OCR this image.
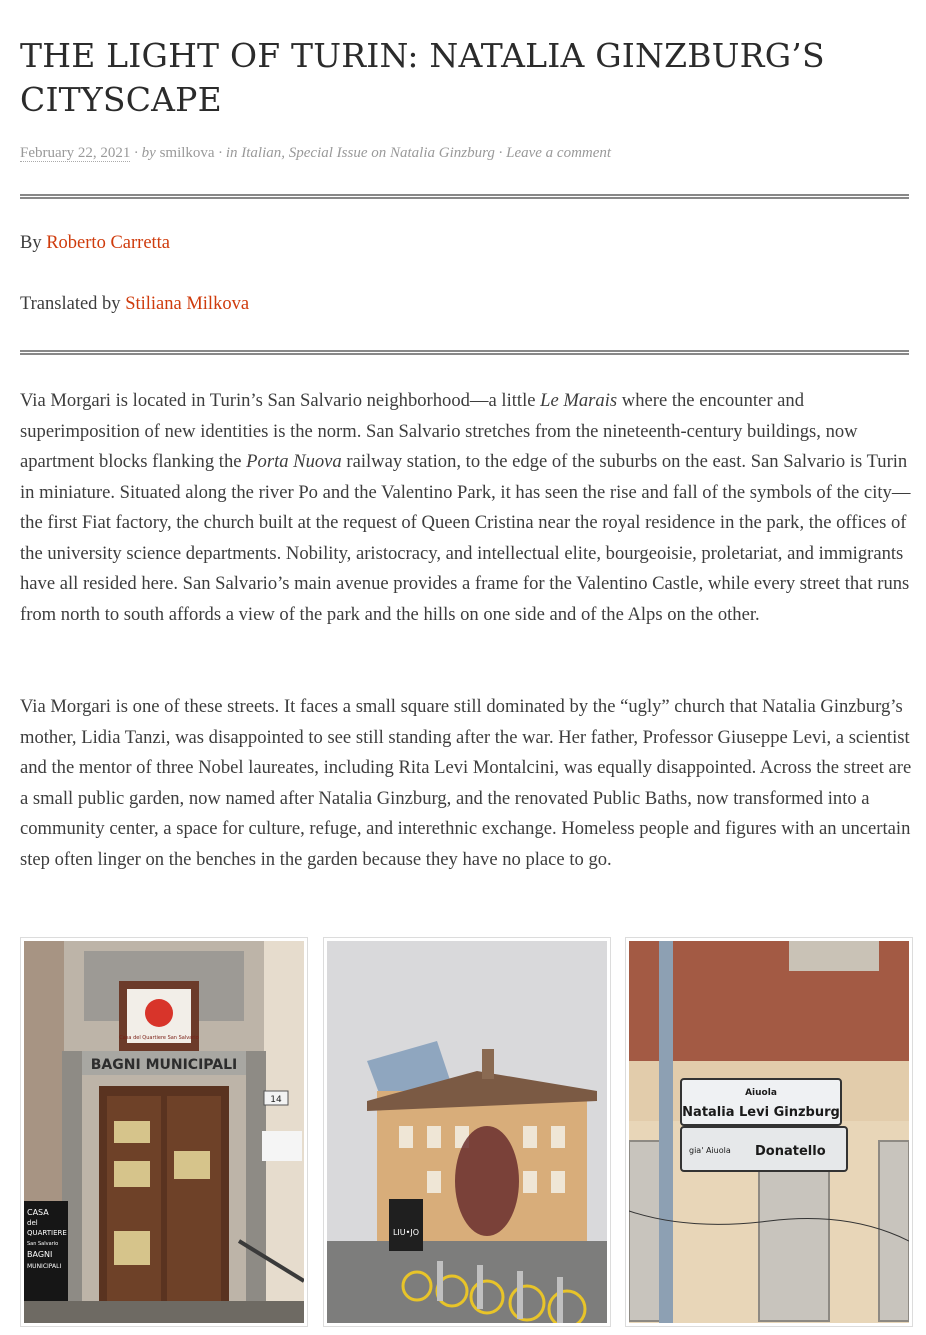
THE LIGHT OF TURIN: NATALIA GINZBURG’S CITYSCAPE
February 22, 2021 · by smilkova · in Italian, Special Issue on Natalia Ginzburg · Leave a comment

By Roberto Carretta

Translated by Stiliana Milkova

Via Morgari is located in Turin’s San Salvario neighborhood—a little Le Marais where the encounter and superimposition of new identities is the norm. San Salvario stretches from the nineteenth-century buildings, now apartment blocks flanking the Porta Nuova railway station, to the edge of the suburbs on the east. San Salvario is Turin in miniature. Situated along the river Po and the Valentino Park, it has seen the rise and fall of the symbols of the city—the first Fiat factory, the church built at the request of Queen Cristina near the royal residence in the park, the offices of the university science departments. Nobility, aristocracy, and intellectual elite, bourgeoisie, proletariat, and immigrants have all resided here. San Salvario’s main avenue provides a frame for the Valentino Castle, while every street that runs from north to south affords a view of the park and the hills on one side and of the Alps on the other.

Via Morgari is one of these streets. It faces a small square still dominated by the “ugly” church that Natalia Ginzburg’s mother, Lidia Tanzi, was disappointed to see still standing after the war. Her father, Professor Giuseppe Levi, a scientist and the mentor of three Nobel laureates, including Rita Levi Montalcini, was equally disappointed. Across the street are a small public garden, now named after Natalia Ginzburg, and the renovated Public Baths, now transformed into a community center, a space for culture, refuge, and interethnic exchange. Homeless people and figures with an uncertain step often linger on the benches in the garden because they have no place to go.

Casa del Quartiere San Salvario
BAGNI MUNICIPALI
14
CASA
del
QUARTIERE
San Salvario
BAGNI
MUNICIPALI
LIU•JO
Aiuola
Natalia Levi Ginzburg
gia' Aiuola Donatello
